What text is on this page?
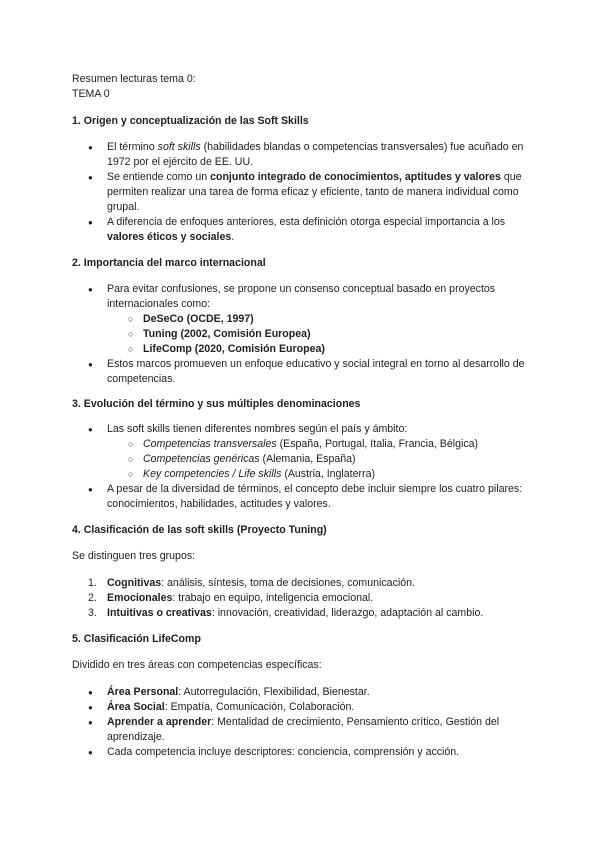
Resumen lecturas tema 0:

TEMA 0

1. Origen y conceptualización de las Soft Skills
● El término soft skills (habilidades blandas o competencias transversales) fue acuñado en 1972 por el ejército de EE. UU.
● Se entiende como un conjunto integrado de conocimientos, aptitudes y valores que permiten realizar una tarea de forma eficaz y eficiente, tanto de manera individual como grupal.
● A diferencia de enfoques anteriores, esta definición otorga especial importancia a los valores éticos y sociales.
2. Importancia del marco internacional
● Para evitar confusiones, se propone un consenso conceptual basado en proyectos internacionales como:
○ DeSeCo (OCDE, 1997)
○ Tuning (2002, Comisión Europea)
○ LifeComp (2020, Comisión Europea)
● Estos marcos promueven un enfoque educativo y social integral en torno al desarrollo de competencias.
3. Evolución del término y sus múltiples denominaciones
● Las soft skills tienen diferentes nombres según el país y ámbito:
○ Competencias transversales (España, Portugal, Italia, Francia, Bélgica)
○ Competencias genéricas (Alemania, España)
○ Key competencies / Life skills (Austria, Inglaterra)
● A pesar de la diversidad de términos, el concepto debe incluir siempre los cuatro pilares: conocimientos, habilidades, actitudes y valores.
4. Clasificación de las soft skills (Proyecto Tuning)

Se distinguen tres grupos:

1. Cognitivas: análisis, síntesis, toma de decisiones, comunicación.
2. Emocionales: trabajo en equipo, inteligencia emocional.
3. Intuitivas o creativas: innovación, creatividad, liderazgo, adaptación al cambio.
5. Clasificación LifeComp

Dividido en tres áreas con competencias específicas:

● Área Personal: Autorregulación, Flexibilidad, Bienestar.
● Área Social: Empatía, Comunicación, Colaboración.
● Aprender a aprender: Mentalidad de crecimiento, Pensamiento crítico, Gestión del aprendizaje.
● Cada competencia incluye descriptores: conciencia, comprensión y acción.
